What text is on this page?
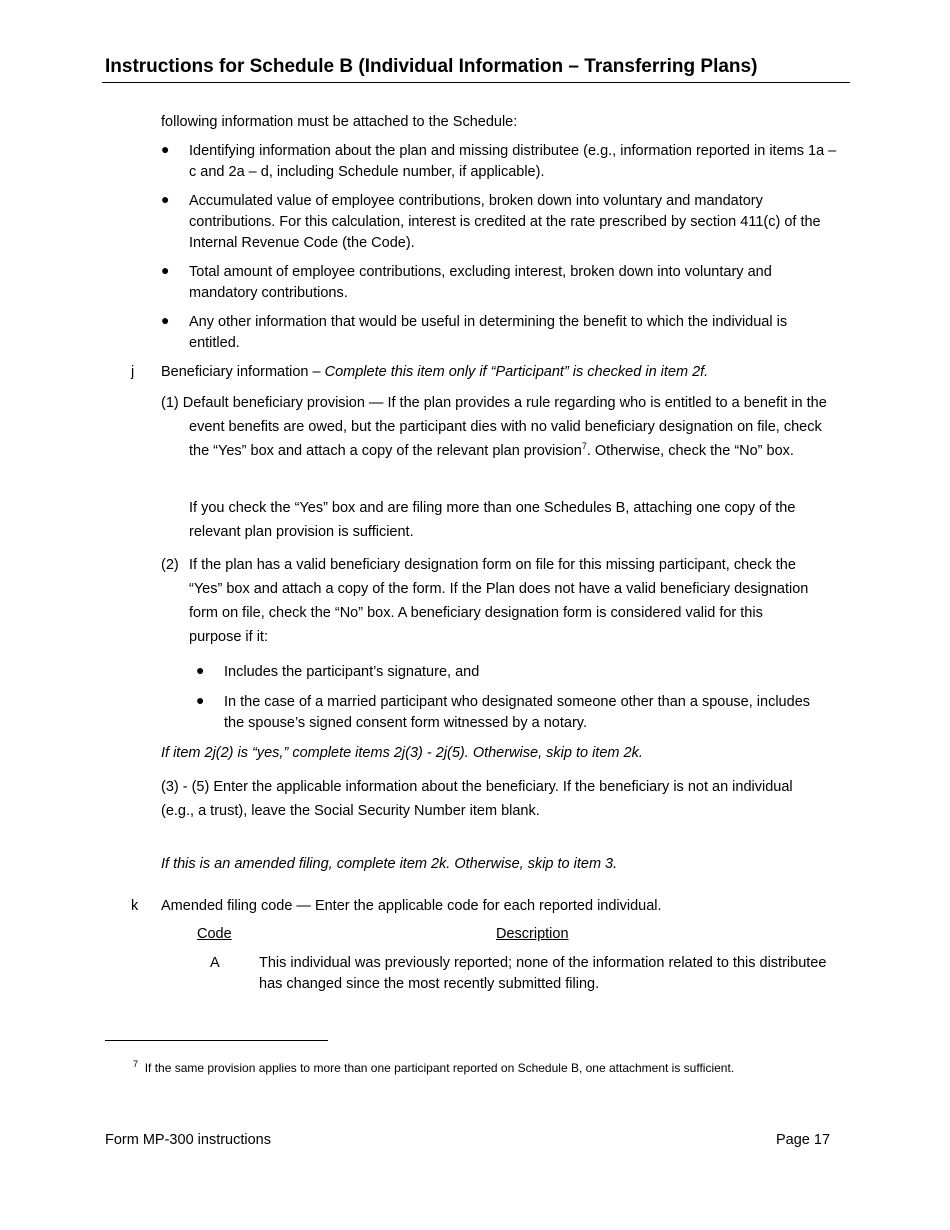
Instructions for Schedule B (Individual Information – Transferring Plans)
following information must be attached to the Schedule:
● Identifying information about the plan and missing distributee (e.g., information reported in items 1a – c and 2a – d, including Schedule number, if applicable).
● Accumulated value of employee contributions, broken down into voluntary and mandatory contributions. For this calculation, interest is credited at the rate prescribed by section 411(c) of the Internal Revenue Code (the Code).
● Total amount of employee contributions, excluding interest, broken down into voluntary and mandatory contributions.
● Any other information that would be useful in determining the benefit to which the individual is entitled.
j Beneficiary information – Complete this item only if “Participant” is checked in item 2f.
(1) Default beneficiary provision — If the plan provides a rule regarding who is entitled to a benefit in the event benefits are owed, but the participant dies with no valid beneficiary designation on file, check the “Yes” box and attach a copy of the relevant plan provision$^7$. Otherwise, check the “No” box.
If you check the “Yes” box and are filing more than one Schedules B, attaching one copy of the relevant plan provision is sufficient.
(2) If the plan has a valid beneficiary designation form on file for this missing participant, check the “Yes” box and attach a copy of the form. If the Plan does not have a valid beneficiary designation form on file, check the “No” box. A beneficiary designation form is considered valid for this purpose if it:
● Includes the participant’s signature, and
● In the case of a married participant who designated someone other than a spouse, includes the spouse’s signed consent form witnessed by a notary.
If item 2j(2) is “yes,” complete items 2j(3) - 2j(5). Otherwise, skip to item 2k.
(3) - (5) Enter the applicable information about the beneficiary. If the beneficiary is not an individual (e.g., a trust), leave the Social Security Number item blank.
If this is an amended filing, complete item 2k. Otherwise, skip to item 3.
k Amended filing code — Enter the applicable code for each reported individual.
Code	Description
A	This individual was previously reported; none of the information related to this distributee has changed since the most recently submitted filing.
$^7$ If the same provision applies to more than one participant reported on Schedule B, one attachment is sufficient.
Form MP-300 instructions	Page 17
